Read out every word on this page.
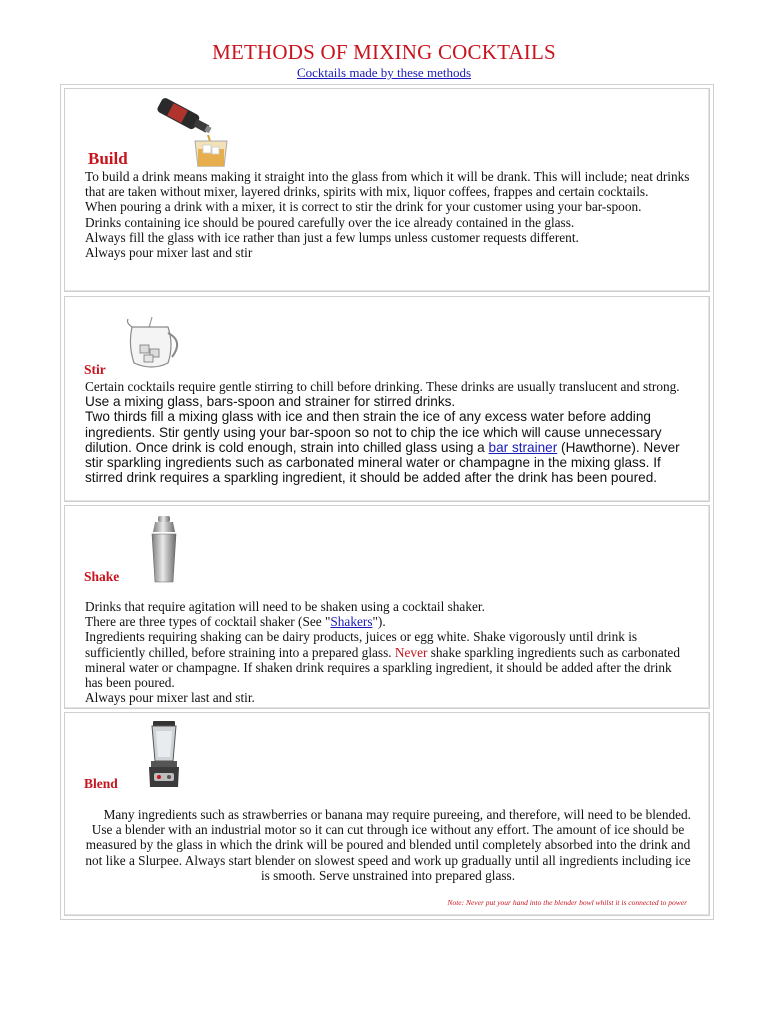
METHODS OF MIXING COCKTAILS
Cocktails made by these methods
Build
To build a drink means making it straight into the glass from which it will be drank. This will include; neat drinks that are taken without mixer, layered drinks, spirits with mix, liquor coffees, frappes and certain cocktails.
When pouring a drink with a mixer, it is correct to stir the drink for your customer using your bar-spoon.
Drinks containing ice should be poured carefully over the ice already contained in the glass.
Always fill the glass with ice rather than just a few lumps unless customer requests different.
Always pour mixer last and stir
Stir
Certain cocktails require gentle stirring to chill before drinking. These drinks are usually translucent and strong. Use a mixing glass, bars-spoon and strainer for stirred drinks.
Two thirds fill a mixing glass with ice and then strain the ice of any excess water before adding ingredients. Stir gently using your bar-spoon so not to chip the ice which will cause unnecessary dilution. Once drink is cold enough, strain into chilled glass using a bar strainer (Hawthorne). Never stir sparkling ingredients such as carbonated mineral water or champagne in the mixing glass. If stirred drink requires a sparkling ingredient, it should be added after the drink has been poured.
Shake
Drinks that require agitation will need to be shaken using a cocktail shaker.
There are three types of cocktail shaker (See "Shakers").
Ingredients requiring shaking can be dairy products, juices or egg white. Shake vigorously until drink is sufficiently chilled, before straining into a prepared glass. Never shake sparkling ingredients such as carbonated mineral water or champagne. If shaken drink requires a sparkling ingredient, it should be added after the drink has been poured.
Always pour mixer last and stir.
Blend
Many ingredients such as strawberries or banana may require pureeing, and therefore, will need to be blended.
Use a blender with an industrial motor so it can cut through ice without any effort. The amount of ice should be measured by the glass in which the drink will be poured and blended until completely absorbed into the drink and not like a Slurpee. Always start blender on slowest speed and work up gradually until all ingredients including ice is smooth. Serve unstrained into prepared glass.
Note: Never put your hand into the blender bowl whilst it is connected to power
